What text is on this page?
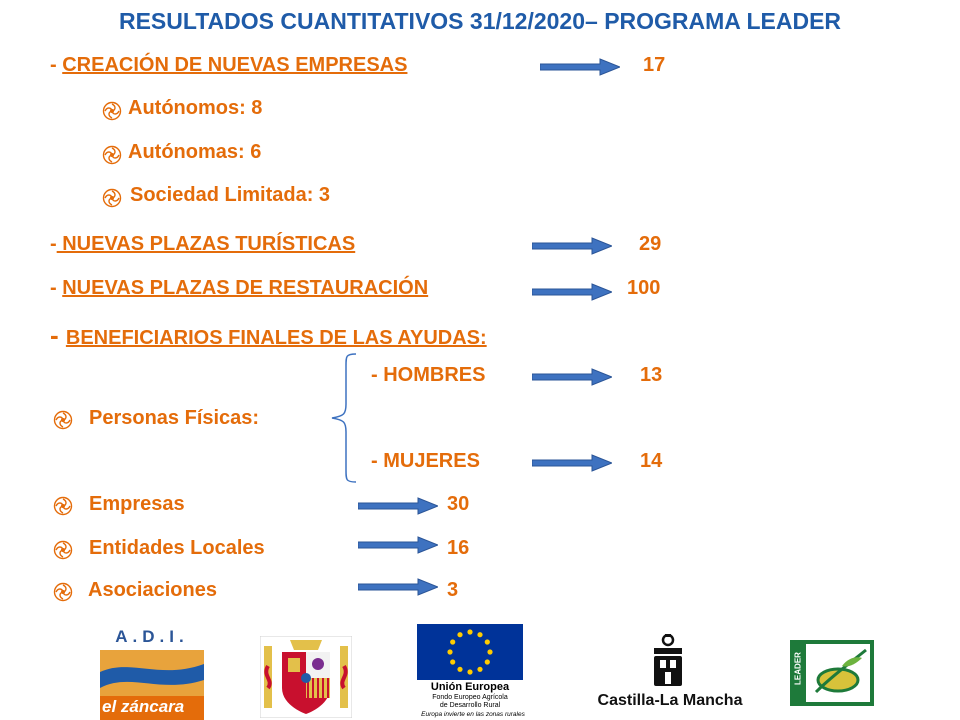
RESULTADOS CUANTITATIVOS 31/12/2020– PROGRAMA LEADER
- CREACIÓN DE NUEVAS EMPRESAS	17
Autónomos: 8
Autónomas: 6
Sociedad Limitada: 3
- NUEVAS PLAZAS TURÍSTICAS	29
- NUEVAS PLAZAS DE RESTAURACIÓN	100
- BENEFICIARIOS FINALES DE LAS AYUDAS:
- HOMBRES	13
Personas Físicas:
- MUJERES	14
Empresas	30
Entidades Locales	16
Asociaciones	3
A.D.I.
el záncara
Unión Europea
Fondo Europeo Agrícola
de Desarrollo Rural
Europa invierte en las zonas rurales
Castilla-La Mancha
LEADER
